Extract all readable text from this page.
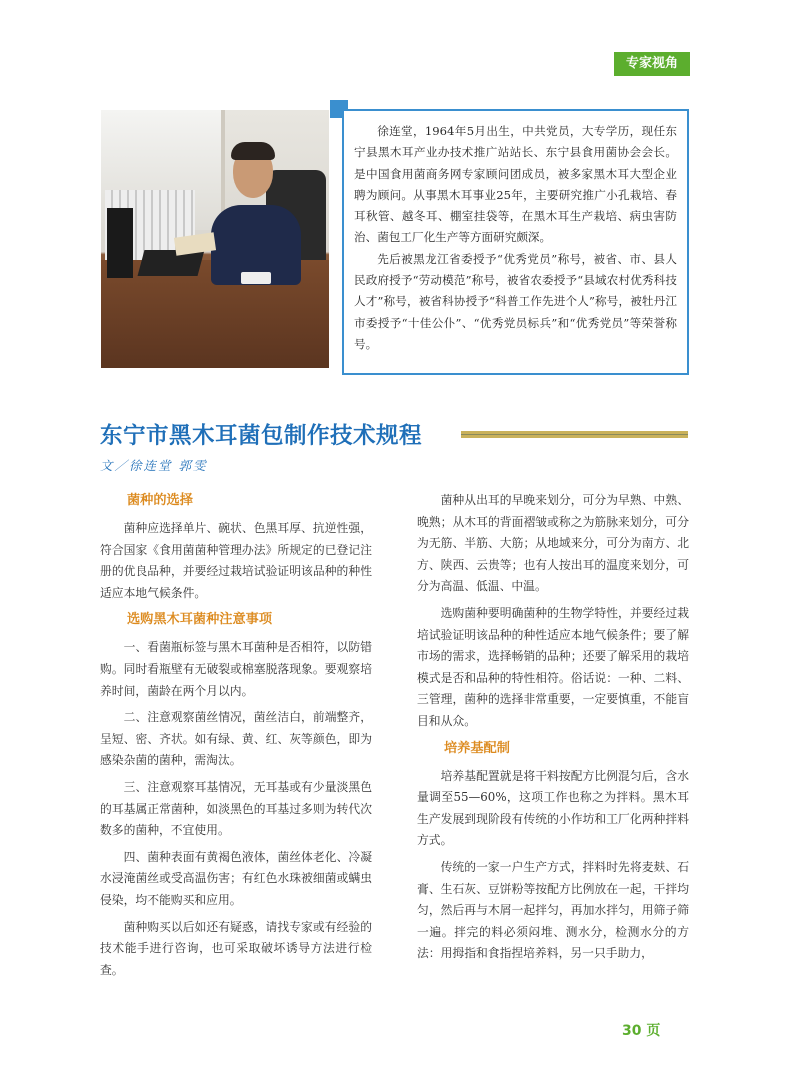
专家视角

徐连堂，1964年5月出生，中共党员，大专学历，现任东宁县黑木耳产业办技术推广站站长、东宁县食用菌协会会长。是中国食用菌商务网专家顾问团成员，被多家黑木耳大型企业聘为顾问。从事黑木耳事业25年，主要研究推广小孔栽培、春耳秋管、越冬耳、棚室挂袋等，在黑木耳生产栽培、病虫害防治、菌包工厂化生产等方面研究颇深。

先后被黑龙江省委授予“优秀党员”称号，被省、市、县人民政府授予“劳动模范”称号，被省农委授予“县域农村优秀科技人才”称号，被省科协授予“科普工作先进个人”称号，被牡丹江市委授予“十佳公仆”、“优秀党员标兵”和“优秀党员”等荣誉称号。

东宁市黑木耳菌包制作技术规程
文／徐连堂 郭雯
菌种的选择

菌种应选择单片、碗状、色黑耳厚、抗逆性强，符合国家《食用菌菌种管理办法》所规定的已登记注册的优良品种，并要经过栽培试验证明该品种的种性适应本地气候条件。

选购黑木耳菌种注意事项

一、看菌瓶标签与黑木耳菌种是否相符，以防错购。同时看瓶壁有无破裂或棉塞脱落现象。要观察培养时间，菌龄在两个月以内。

二、注意观察菌丝情况，菌丝洁白，前端整齐，呈短、密、齐状。如有绿、黄、红、灰等颜色，即为感染杂菌的菌种，需淘汰。

三、注意观察耳基情况，无耳基或有少量淡黑色的耳基属正常菌种，如淡黑色的耳基过多则为转代次数多的菌种，不宜使用。

四、菌种表面有黄褐色液体，菌丝体老化、冷凝水浸淹菌丝或受高温伤害；有红色水珠被细菌或螨虫侵染，均不能购买和应用。

菌种购买以后如还有疑惑，请找专家或有经验的技术能手进行咨询，也可采取破坏诱导方法进行检查。

菌种从出耳的早晚来划分，可分为早熟、中熟、晚熟；从木耳的背面褶皱或称之为筋脉来划分，可分为无筋、半筋、大筋；从地域来分，可分为南方、北方、陕西、云贵等；也有人按出耳的温度来划分，可分为高温、低温、中温。

选购菌种要明确菌种的生物学特性，并要经过栽培试验证明该品种的种性适应本地气候条件；要了解市场的需求，选择畅销的品种；还要了解采用的栽培模式是否和品种的特性相符。俗话说：一种、二料、三管理，菌种的选择非常重要，一定要慎重，不能盲目和从众。

培养基配制

培养基配置就是将干料按配方比例混匀后，含水量调至55—60%，这项工作也称之为拌料。黑木耳生产发展到现阶段有传统的小作坊和工厂化两种拌料方式。

传统的一家一户生产方式，拌料时先将麦麸、石膏、生石灰、豆饼粉等按配方比例放在一起，干拌均匀，然后再与木屑一起拌匀，再加水拌匀，用筛子筛一遍。拌完的料必须闷堆、测水分，检测水分的方法：用拇指和食指捏培养料，另一只手助力，

30 页
